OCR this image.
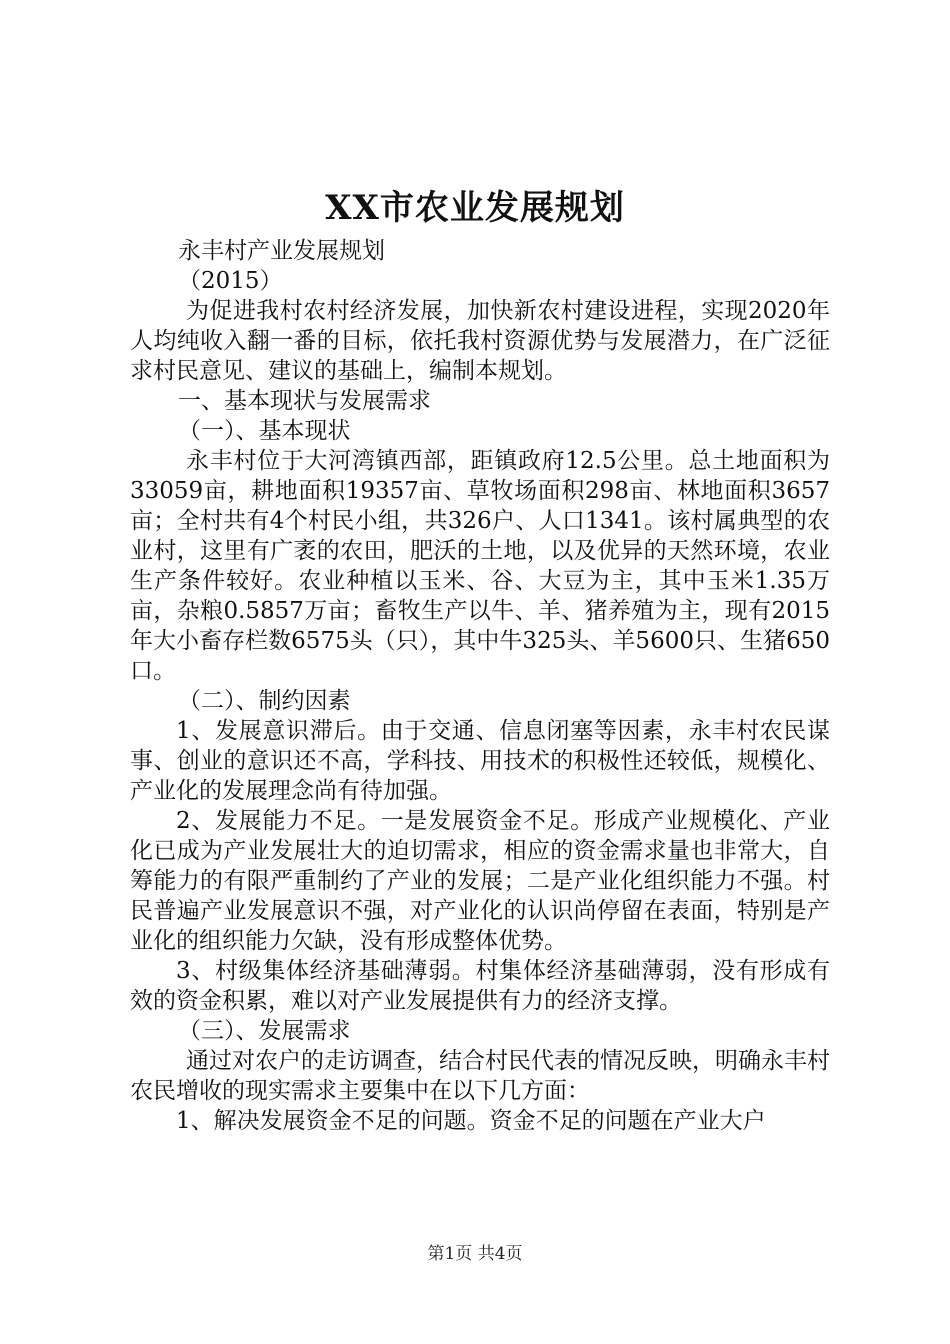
XX市农业发展规划

永丰村产业发展规划

（2015）

为促进我村农村经济发展，加快新农村建设进程，实现2020年人均纯收入翻一番的目标，依托我村资源优势与发展潜力，在广泛征求村民意见、建议的基础上，编制本规划。

一、基本现状与发展需求

（一）、基本现状

永丰村位于大河湾镇西部，距镇政府12.5公里。总土地面积为33059亩，耕地面积19357亩、草牧场面积298亩、林地面积3657亩；全村共有4个村民小组，共326户、人口1341。该村属典型的农业村，这里有广袤的农田，肥沃的土地，以及优异的天然环境，农业生产条件较好。农业种植以玉米、谷、大豆为主，其中玉米1.35万亩，杂粮0.5857万亩；畜牧生产以牛、羊、猪养殖为主，现有2015年大小畜存栏数6575头（只），其中牛325头、羊5600只、生猪650口。

（二）、制约因素

1、发展意识滞后。由于交通、信息闭塞等因素，永丰村农民谋事、创业的意识还不高，学科技、用技术的积极性还较低，规模化、产业化的发展理念尚有待加强。

2、发展能力不足。一是发展资金不足。形成产业规模化、产业化已成为产业发展壮大的迫切需求，相应的资金需求量也非常大，自筹能力的有限严重制约了产业的发展；二是产业化组织能力不强。村民普遍产业发展意识不强，对产业化的认识尚停留在表面，特别是产业化的组织能力欠缺，没有形成整体优势。

3、村级集体经济基础薄弱。村集体经济基础薄弱，没有形成有效的资金积累，难以对产业发展提供有力的经济支撑。

（三）、发展需求

通过对农户的走访调查，结合村民代表的情况反映，明确永丰村农民增收的现实需求主要集中在以下几方面：

1、解决发展资金不足的问题。资金不足的问题在产业大户

第1页 共4页
